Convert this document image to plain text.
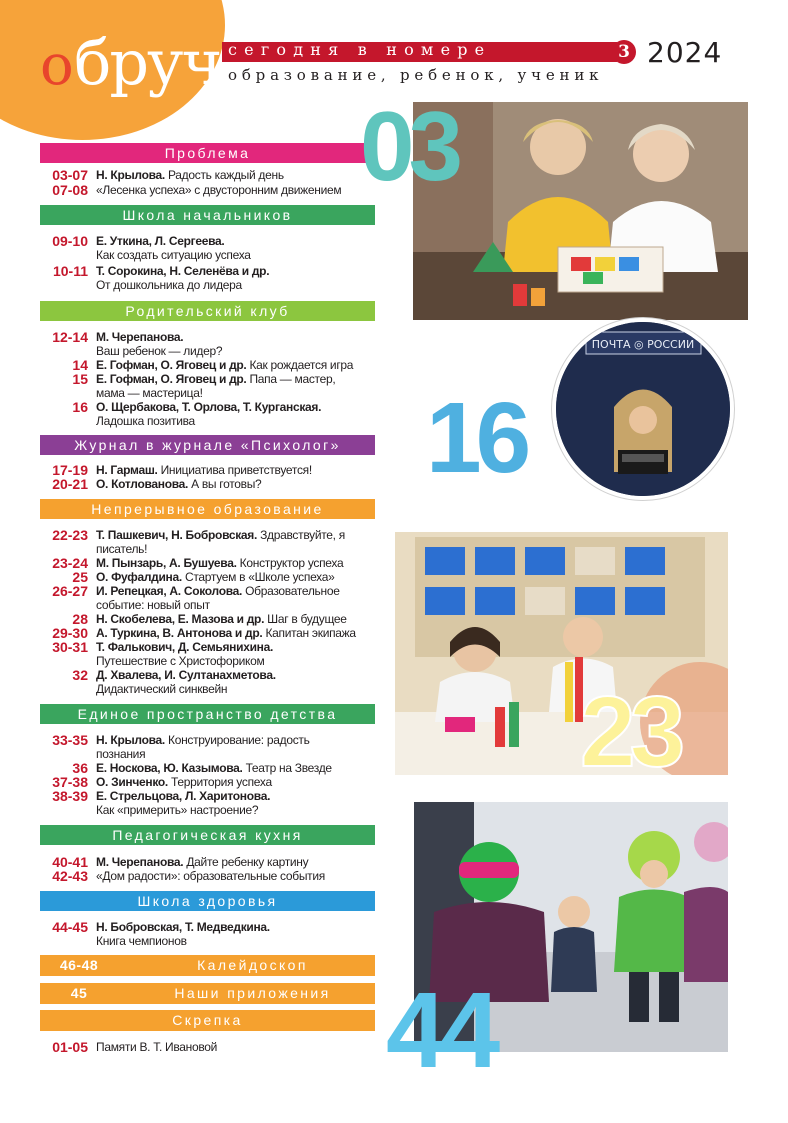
о бруч сегодня в номере	3 2024
образование, ребенок, ученик
Проблема
03-07 Н. Крылова. Радость каждый день
07-08 «Лесенка успеха» с двусторонним движением
Школа начальников
09-10 Е. Уткина, Л. Сергеева.
Как создать ситуацию успеха
10-11 Т. Сорокина, Н. Селенёва и др.
От дошкольника до лидера
Родительский клуб
12-14 М. Черепанова.
Ваш ребенок — лидер?
14 Е. Гофман, О. Яговец и др. Как рождается игра
15 Е. Гофман, О. Яговец и др. Папа — мастер, мама — мастерица!
16 О. Щербакова, Т. Орлова, Т. Курганская.
Ладошка позитива
Журнал в журнале «Психолог»
17-19 Н. Гармаш. Инициатива приветствуется!
20-21 О. Котлованова. А вы готовы?
Непрерывное образование
22-23 Т. Пашкевич, Н. Бобровская. Здравствуйте, я писатель!
23-24 М. Пынзарь, А. Бушуева. Конструктор успеха
25 О. Фуфалдина. Стартуем в «Школе успеха»
26-27 И. Репецкая, А. Соколова. Образовательное событие: новый опыт
28 Н. Скобелева, Е. Мазова и др. Шаг в будущее
29-30 А. Туркина, В. Антонова и др. Капитан экипажа
30-31 Т. Фалькович, Д. Семьянихина.
Путешествие с Христофориком
32 Д. Хвалева, И. Султанахметова.
Дидактический синквейн
Единое пространство детства
33-35 Н. Крылова. Конструирование: радость познания
36 Е. Носкова, Ю. Казымова. Театр на Звезде
37-38 О. Зинченко. Территория успеха
38-39 Е. Стрельцова, Л. Харитонова.
Как «примерить» настроение?
Педагогическая кухня
40-41 М. Черепанова. Дайте ребенку картину
42-43 «Дом радости»: образовательные события
Школа здоровья
44-45 Н. Бобровская, Т. Медведкина.
Книга чемпионов
46-48	Калейдоскоп
45	Наши приложения
Скрепка
01-05 Памяти В. Т. Ивановой
03
ПОЧТА ◎ РОССИИ
16
23
44
